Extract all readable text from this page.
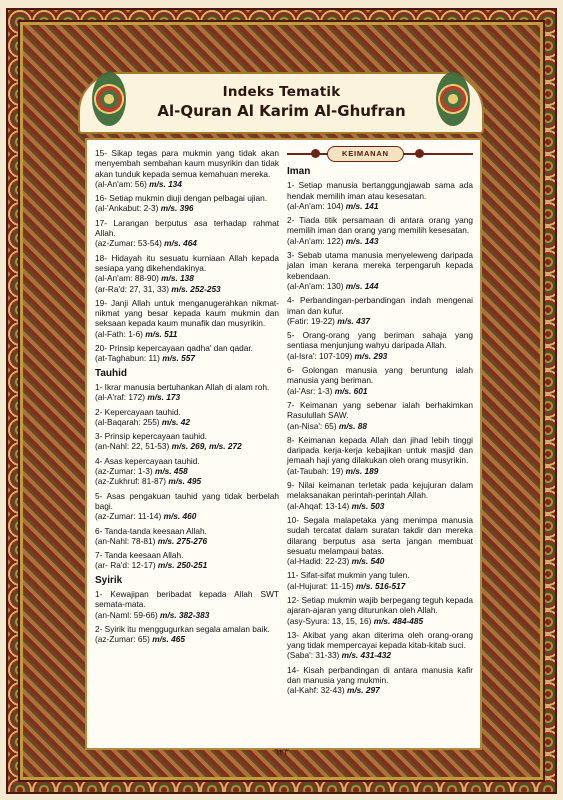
Indeks Tematik
Al-Quran Al Karim Al-Ghufran
15- Sikap tegas para mukmin yang tidak akan menyembah sembahan kaum musyrikin dan tidak akan tunduk kepada semua kemahuan mereka.
(al-An'am: 56) m/s. 134
16- Setiap mukmin diuji dengan pelbagai ujian.
(al-'Ankabut: 2-3) m/s. 396
17- Larangan berputus asa terhadap rahmat Allah.
(az-Zumar: 53-54) m/s. 464
18- Hidayah itu sesuatu kurniaan Allah kepada sesiapa yang dikehendakinya.
(al-An'am: 88-90) m/s. 138
(ar-Ra'd: 27, 31, 33) m/s. 252-253
19- Janji Allah untuk menganugerahkan nikmat-nikmat yang besar kepada kaum mukmin dan seksaan kepada kaum munafik dan musyrikin.
(al-Fath: 1-6) m/s. 511
20- Prinsip kepercayaan qadha' dan qadar.
(at-Taghabun: 11) m/s. 557
Tauhid
1- Ikrar manusia bertuhankan Allah di alam roh.
(al-A'raf: 172) m/s. 173
2- Kepercayaan tauhid.
(al-Baqarah: 255) m/s. 42
3- Prinsip kepercayaan tauhid.
(an-Nahl: 22, 51-53) m/s. 269, m/s. 272
4- Asas kepercayaan tauhid.
(az-Zumar: 1-3) m/s. 458
(az-Zukhruf: 81-87) m/s. 495
5- Asas pengakuan tauhid yang tidak berbelah bagi.
(az-Zumar: 11-14) m/s. 460
6- Tanda-tanda keesaan Allah.
(an-Nahl: 78-81) m/s. 275-276
7- Tanda keesaan Allah.
(ar- Ra'd: 12-17) m/s. 250-251
Syirik
1- Kewajipan beribadat kepada Allah SWT semata-mata.
(an-Naml: 59-66) m/s. 382-383
2- Syirik itu menggugurkan segala amalan baik.
(az-Zumar: 65) m/s. 465
KEIMANAN
Iman
1- Setiap manusia bertanggungjawab sama ada hendak memilih iman atau kesesatan.
(al-An'am: 104) m/s. 141
2- Tiada titik persamaan di antara orang yang memilih iman dan orang yang memilih kesesatan.
(al-An'am: 122) m/s. 143
3- Sebab utama manusia menyeleweng daripada jalan iman kerana mereka terpengaruh kepada kebendaan.
(al-An'am: 130) m/s. 144
4- Perbandingan-perbandingan indah mengenai iman dan kufur.
(Fatir: 19-22) m/s. 437
5- Orang-orang yang beriman sahaja yang sentiasa menjunjung wahyu daripada Allah.
(al-Isra': 107-109) m/s. 293
6- Golongan manusia yang beruntung ialah manusia yang beriman.
(al-'Asr: 1-3) m/s. 601
7- Keimanan yang sebenar ialah berhakimkan Rasulullah SAW.
(an-Nisa': 65) m/s. 88
8- Keimanan kepada Allah dan jihad lebih tinggi daripada kerja-kerja kebajikan untuk masjid dan jemaah haji yang dilakukan oleh orang musyrikin.
(at-Taubah: 19) m/s. 189
9- Nilai keimanan terletak pada kejujuran dalam melaksanakan perintah-perintah Allah.
(al-Ahqaf: 13-14) m/s. 503
10- Segala malapetaka yang menimpa manusia sudah tercatat dalam suratan takdir dan mereka dilarang berputus asa serta jangan membuat sesuatu melampaui batas.
(al-Hadid: 22-23) m/s. 540
11- Sifat-sifat mukmin yang tulen.
(al-Hujurat: 11-15) m/s. 516-517
12- Setiap mukmin wajib berpegang teguh kepada ajaran-ajaran yang diturunkan oleh Allah.
(asy-Syura: 13, 15, 16) m/s. 484-485
13- Akibat yang akan diterima oleh orang-orang yang tidak mempercayai kepada kitab-kitab suci.
(Saba': 31-33) m/s. 431-432
14- Kisah perbandingan di antara manusia kafir dan manusia yang mukmin.
(al-Kahf: 32-43) m/s. 297
٦٢٣
